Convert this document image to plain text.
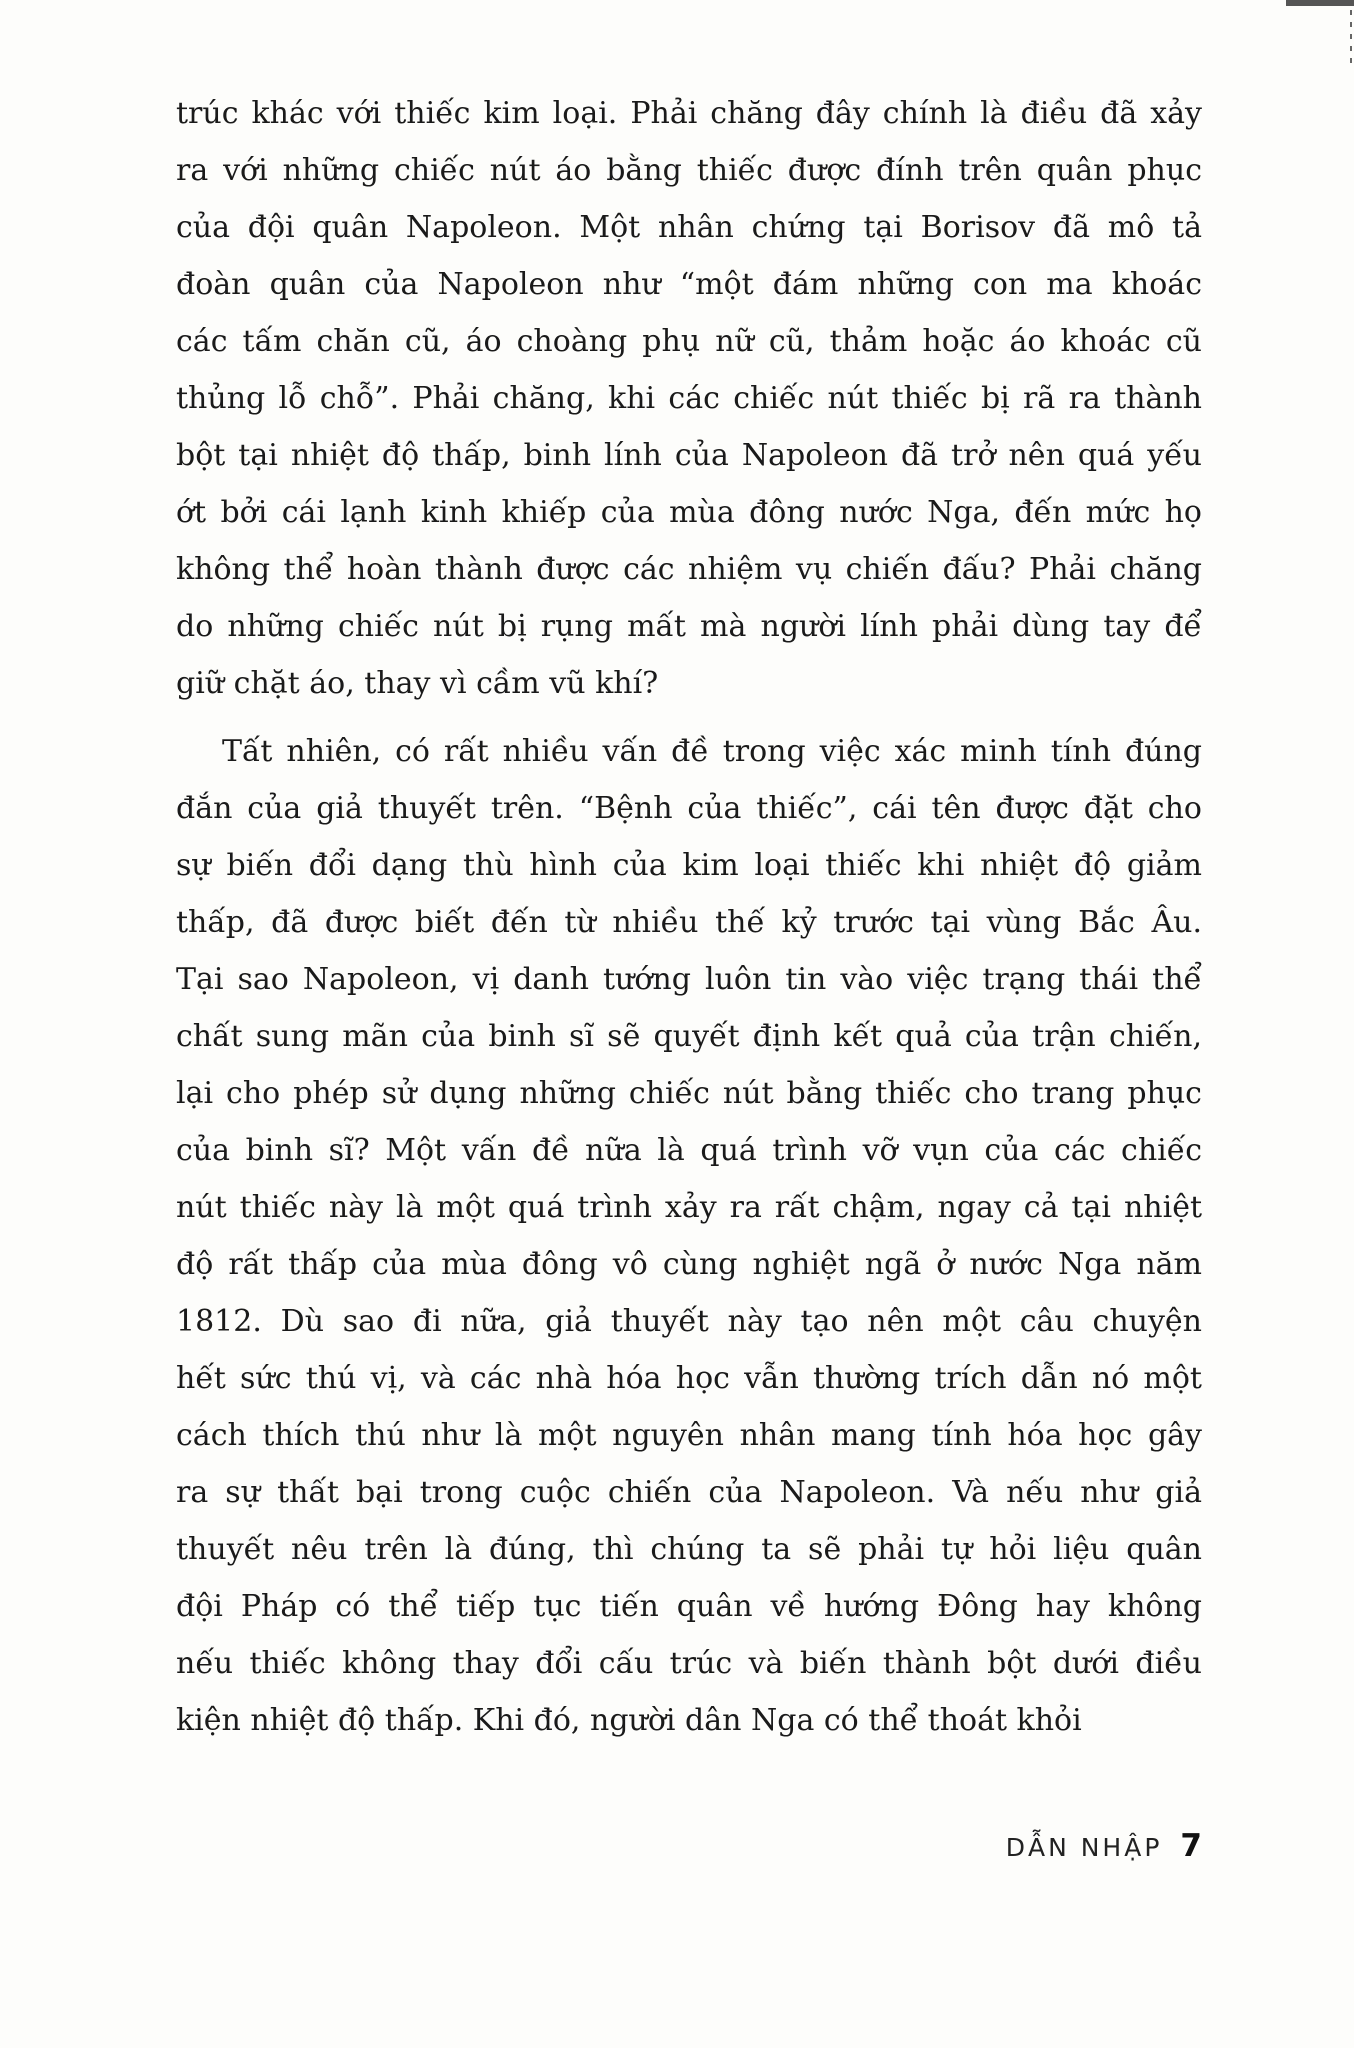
trúc khác với thiếc kim loại. Phải chăng đây chính là điều đã xảy
ra với những chiếc nút áo bằng thiếc được đính trên quân phục
của đội quân Napoleon. Một nhân chứng tại Borisov đã mô tả
đoàn quân của Napoleon như “một đám những con ma khoác
các tấm chăn cũ, áo choàng phụ nữ cũ, thảm hoặc áo khoác cũ
thủng lỗ chỗ”. Phải chăng, khi các chiếc nút thiếc bị rã ra thành
bột tại nhiệt độ thấp, binh lính của Napoleon đã trở nên quá yếu
ớt bởi cái lạnh kinh khiếp của mùa đông nước Nga, đến mức họ
không thể hoàn thành được các nhiệm vụ chiến đấu? Phải chăng
do những chiếc nút bị rụng mất mà người lính phải dùng tay để
giữ chặt áo, thay vì cầm vũ khí?
Tất nhiên, có rất nhiều vấn đề trong việc xác minh tính đúng
đắn của giả thuyết trên. “Bệnh của thiếc”, cái tên được đặt cho
sự biến đổi dạng thù hình của kim loại thiếc khi nhiệt độ giảm
thấp, đã được biết đến từ nhiều thế kỷ trước tại vùng Bắc Âu.
Tại sao Napoleon, vị danh tướng luôn tin vào việc trạng thái thể
chất sung mãn của binh sĩ sẽ quyết định kết quả của trận chiến,
lại cho phép sử dụng những chiếc nút bằng thiếc cho trang phục
của binh sĩ? Một vấn đề nữa là quá trình vỡ vụn của các chiếc
nút thiếc này là một quá trình xảy ra rất chậm, ngay cả tại nhiệt
độ rất thấp của mùa đông vô cùng nghiệt ngã ở nước Nga năm
1812. Dù sao đi nữa, giả thuyết này tạo nên một câu chuyện
hết sức thú vị, và các nhà hóa học vẫn thường trích dẫn nó một
cách thích thú như là một nguyên nhân mang tính hóa học gây
ra sự thất bại trong cuộc chiến của Napoleon. Và nếu như giả
thuyết nêu trên là đúng, thì chúng ta sẽ phải tự hỏi liệu quân
đội Pháp có thể tiếp tục tiến quân về hướng Đông hay không
nếu thiếc không thay đổi cấu trúc và biến thành bột dưới điều
kiện nhiệt độ thấp. Khi đó, người dân Nga có thể thoát khỏi
DẪN NHẬP 7
